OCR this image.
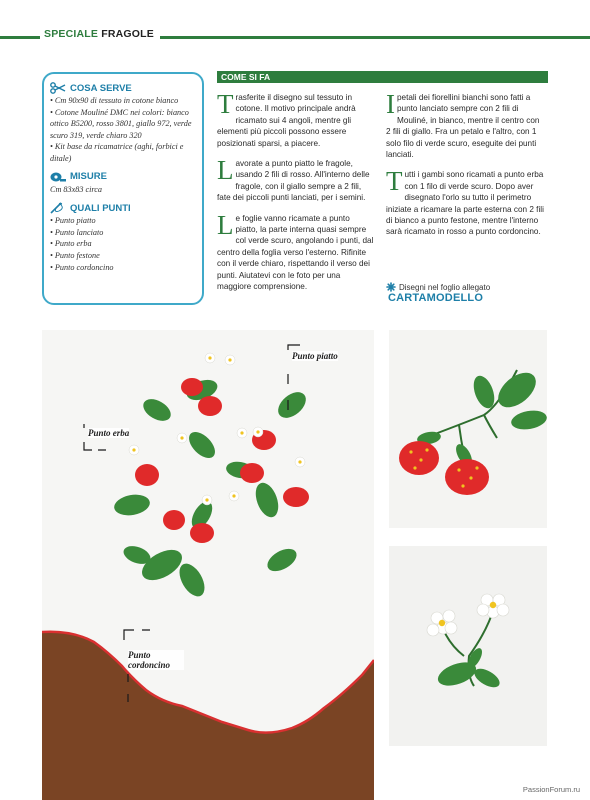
SPECIALE FRAGOLE
COSA SERVE
• Cm 90x90 di tessuto in cotone bianco
• Cotone Mouliné DMC nei colori: bianco ottico B5200, rosso 3801, giallo 972, verde scuro 319, verde chiaro 320
• Kit base da ricamatrice (aghi, forbici e ditale)
MISURE

Cm 83x83 circa

QUALI PUNTI
• Punto piatto
• Punto lanciato
• Punto erba
• Punto festone
• Punto cordoncino
COME SI FA

Trasferite il disegno sul tessuto in cotone. Il motivo principale andrà ricamato sui 4 angoli, mentre gli elementi più piccoli possono essere posizionati sparsi, a piacere.

Lavorate a punto piatto le fragole, usando 2 fili di rosso. All'interno delle fragole, con il giallo sempre a 2 fili, fate dei piccoli punti lanciati, per i semini.

Le foglie vanno ricamate a punto piatto, la parte interna quasi sempre col verde scuro, angolando i punti, dal centro della foglia verso l'esterno. Rifinite con il verde chiaro, rispettando il verso dei punti. Aiutatevi con le foto per una maggiore comprensione.

Ipetali dei fiorellini bianchi sono fatti a punto lanciato sempre con 2 fili di Mouliné, in bianco, mentre il centro con 2 fili di giallo. Fra un petalo e l'altro, con 1 solo filo di verde scuro, eseguite dei punti lanciati.

Tutti i gambi sono ricamati a punto erba con 1 filo di verde scuro. Dopo aver disegnato l'orlo su tutto il perimetro iniziate a ricamare la parte esterna con 2 fili di bianco a punto festone, mentre l'interno sarà ricamato in rosso a punto cordoncino.

Disegni nel foglio allegato
CARTAMODELLO
Punto piatto
Punto erba
Punto cordoncino
PassionForum.ru
